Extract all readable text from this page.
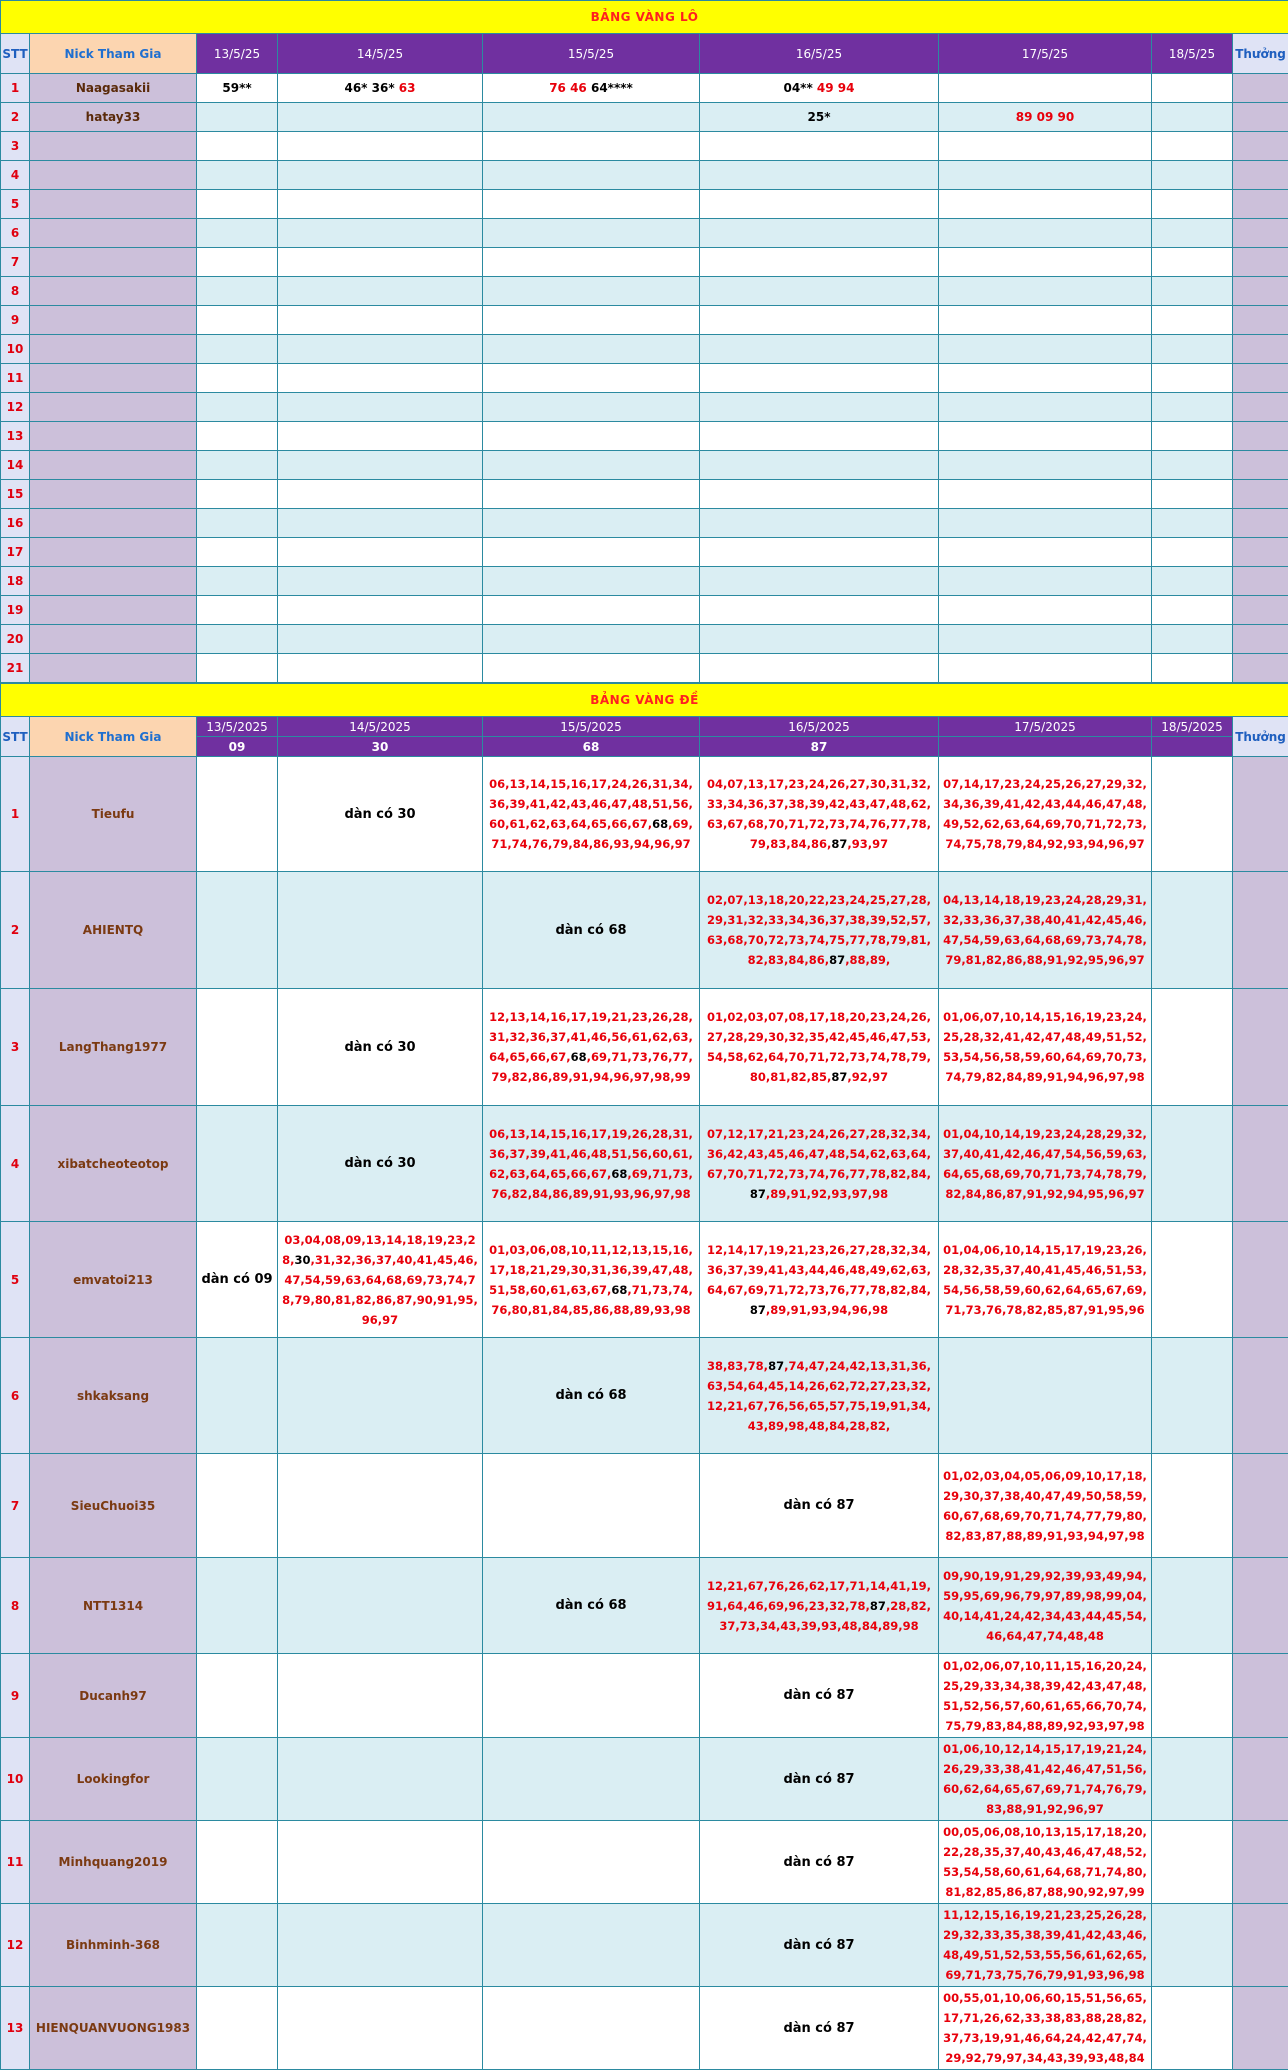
BẢNG VÀNG LÔ								
STT	Nick Tham Gia	13/5/25	14/5/25	15/5/25	16/5/25	17/5/25	18/5/25	Thưởng
1	Naagasakii	59**	46* 36* 63	76 46 64****	04** 49 94			
2	hatay33				25*	89 09 90		
3								
4								
5								
6								
7								
8								
9								
10								
11								
12								
13								
14								
15								
16								
17								
18								
19								
20								
21								
BẢNG VÀNG ĐỀ								
STT	Nick Tham Gia	13/5/2025	14/5/2025	15/5/2025	16/5/2025	17/5/2025	18/5/2025	Thưởng
		09	30	68	87			
1	Tieufu		dàn có 30	06,13,14,15,16,17,24,26,31,34,36,39,41,42,43,46,47,48,51,56,60,61,62,63,64,65,66,67,68,69,71,74,76,79,84,86,93,94,96,97	04,07,13,17,23,24,26,27,30,31,32,33,34,36,37,38,39,42,43,47,48,62,63,67,68,70,71,72,73,74,76,77,78,79,83,84,86,87,93,97	07,14,17,23,24,25,26,27,29,32,34,36,39,41,42,43,44,46,47,48,49,52,62,63,64,69,70,71,72,73,74,75,78,79,84,92,93,94,96,97		
2	AHIENTQ			dàn có 68	02,07,13,18,20,22,23,24,25,27,28,29,31,32,33,34,36,37,38,39,52,57,63,68,70,72,73,74,75,77,78,79,81,82,83,84,86,87,88,89,	04,13,14,18,19,23,24,28,29,31,32,33,36,37,38,40,41,42,45,46,47,54,59,63,64,68,69,73,74,78,79,81,82,86,88,91,92,95,96,97		
3	LangThang1977		dàn có 30	12,13,14,16,17,19,21,23,26,28,31,32,36,37,41,46,56,61,62,63,64,65,66,67,68,69,71,73,76,77,79,82,86,89,91,94,96,97,98,99	01,02,03,07,08,17,18,20,23,24,26,27,28,29,30,32,35,42,45,46,47,53,54,58,62,64,70,71,72,73,74,78,79,80,81,82,85,87,92,97	01,06,07,10,14,15,16,19,23,24,25,28,32,41,42,47,48,49,51,52,53,54,56,58,59,60,64,69,70,73,74,79,82,84,89,91,94,96,97,98		
4	xibatcheoteotop		dàn có 30	06,13,14,15,16,17,19,26,28,31,36,37,39,41,46,48,51,56,60,61,62,63,64,65,66,67,68,69,71,73,76,82,84,86,89,91,93,96,97,98	07,12,17,21,23,24,26,27,28,32,34,36,42,43,45,46,47,48,54,62,63,64,67,70,71,72,73,74,76,77,78,82,84,87,89,91,92,93,97,98	01,04,10,14,19,23,24,28,29,32,37,40,41,42,46,47,54,56,59,63,64,65,68,69,70,71,73,74,78,79,82,84,86,87,91,92,94,95,96,97		
5	emvatoi213	dàn có 09	03,04,08,09,13,14,18,19,23,28,30,31,32,36,37,40,41,45,46,47,54,59,63,64,68,69,73,74,78,79,80,81,82,86,87,90,91,95,96,97	01,03,06,08,10,11,12,13,15,16,17,18,21,29,30,31,36,39,47,48,51,58,60,61,63,67,68,71,73,74,76,80,81,84,85,86,88,89,93,98	12,14,17,19,21,23,26,27,28,32,34,36,37,39,41,43,44,46,48,49,62,63,64,67,69,71,72,73,76,77,78,82,84,87,89,91,93,94,96,98	01,04,06,10,14,15,17,19,23,26,28,32,35,37,40,41,45,46,51,53,54,56,58,59,60,62,64,65,67,69,71,73,76,78,82,85,87,91,95,96		
6	shkaksang			dàn có 68	38,83,78,87,74,47,24,42,13,31,36,63,54,64,45,14,26,62,72,27,23,32,12,21,67,76,56,65,57,75,19,91,34,43,89,98,48,84,28,82,			
7	SieuChuoi35				dàn có 87	01,02,03,04,05,06,09,10,17,18,29,30,37,38,40,47,49,50,58,59,60,67,68,69,70,71,74,77,79,80,82,83,87,88,89,91,93,94,97,98		
8	NTT1314			dàn có 68	12,21,67,76,26,62,17,71,14,41,19,91,64,46,69,96,23,32,78,87,28,82,37,73,34,43,39,93,48,84,89,98	09,90,19,91,29,92,39,93,49,94,59,95,69,96,79,97,89,98,99,04,40,14,41,24,42,34,43,44,45,54,46,64,47,74,48,48		
9	Ducanh97				dàn có 87	01,02,06,07,10,11,15,16,20,24,25,29,33,34,38,39,42,43,47,48,51,52,56,57,60,61,65,66,70,74,75,79,83,84,88,89,92,93,97,98		
10	Lookingfor				dàn có 87	01,06,10,12,14,15,17,19,21,24,26,29,33,38,41,42,46,47,51,56,60,62,64,65,67,69,71,74,76,79,83,88,91,92,96,97		
11	Minhquang2019				dàn có 87	00,05,06,08,10,13,15,17,18,20,22,28,35,37,40,43,46,47,48,52,53,54,58,60,61,64,68,71,74,80,81,82,85,86,87,88,90,92,97,99		
12	Binhminh-368				dàn có 87	11,12,15,16,19,21,23,25,26,28,29,32,33,35,38,39,41,42,43,46,48,49,51,52,53,55,56,61,62,65,69,71,73,75,76,79,91,93,96,98		
13	HIENQUANVUONG1983				dàn có 87	00,55,01,10,06,60,15,51,56,65,17,71,26,62,33,38,83,88,28,82,37,73,19,91,46,64,24,42,47,74,29,92,79,97,34,43,39,93,48,84		
